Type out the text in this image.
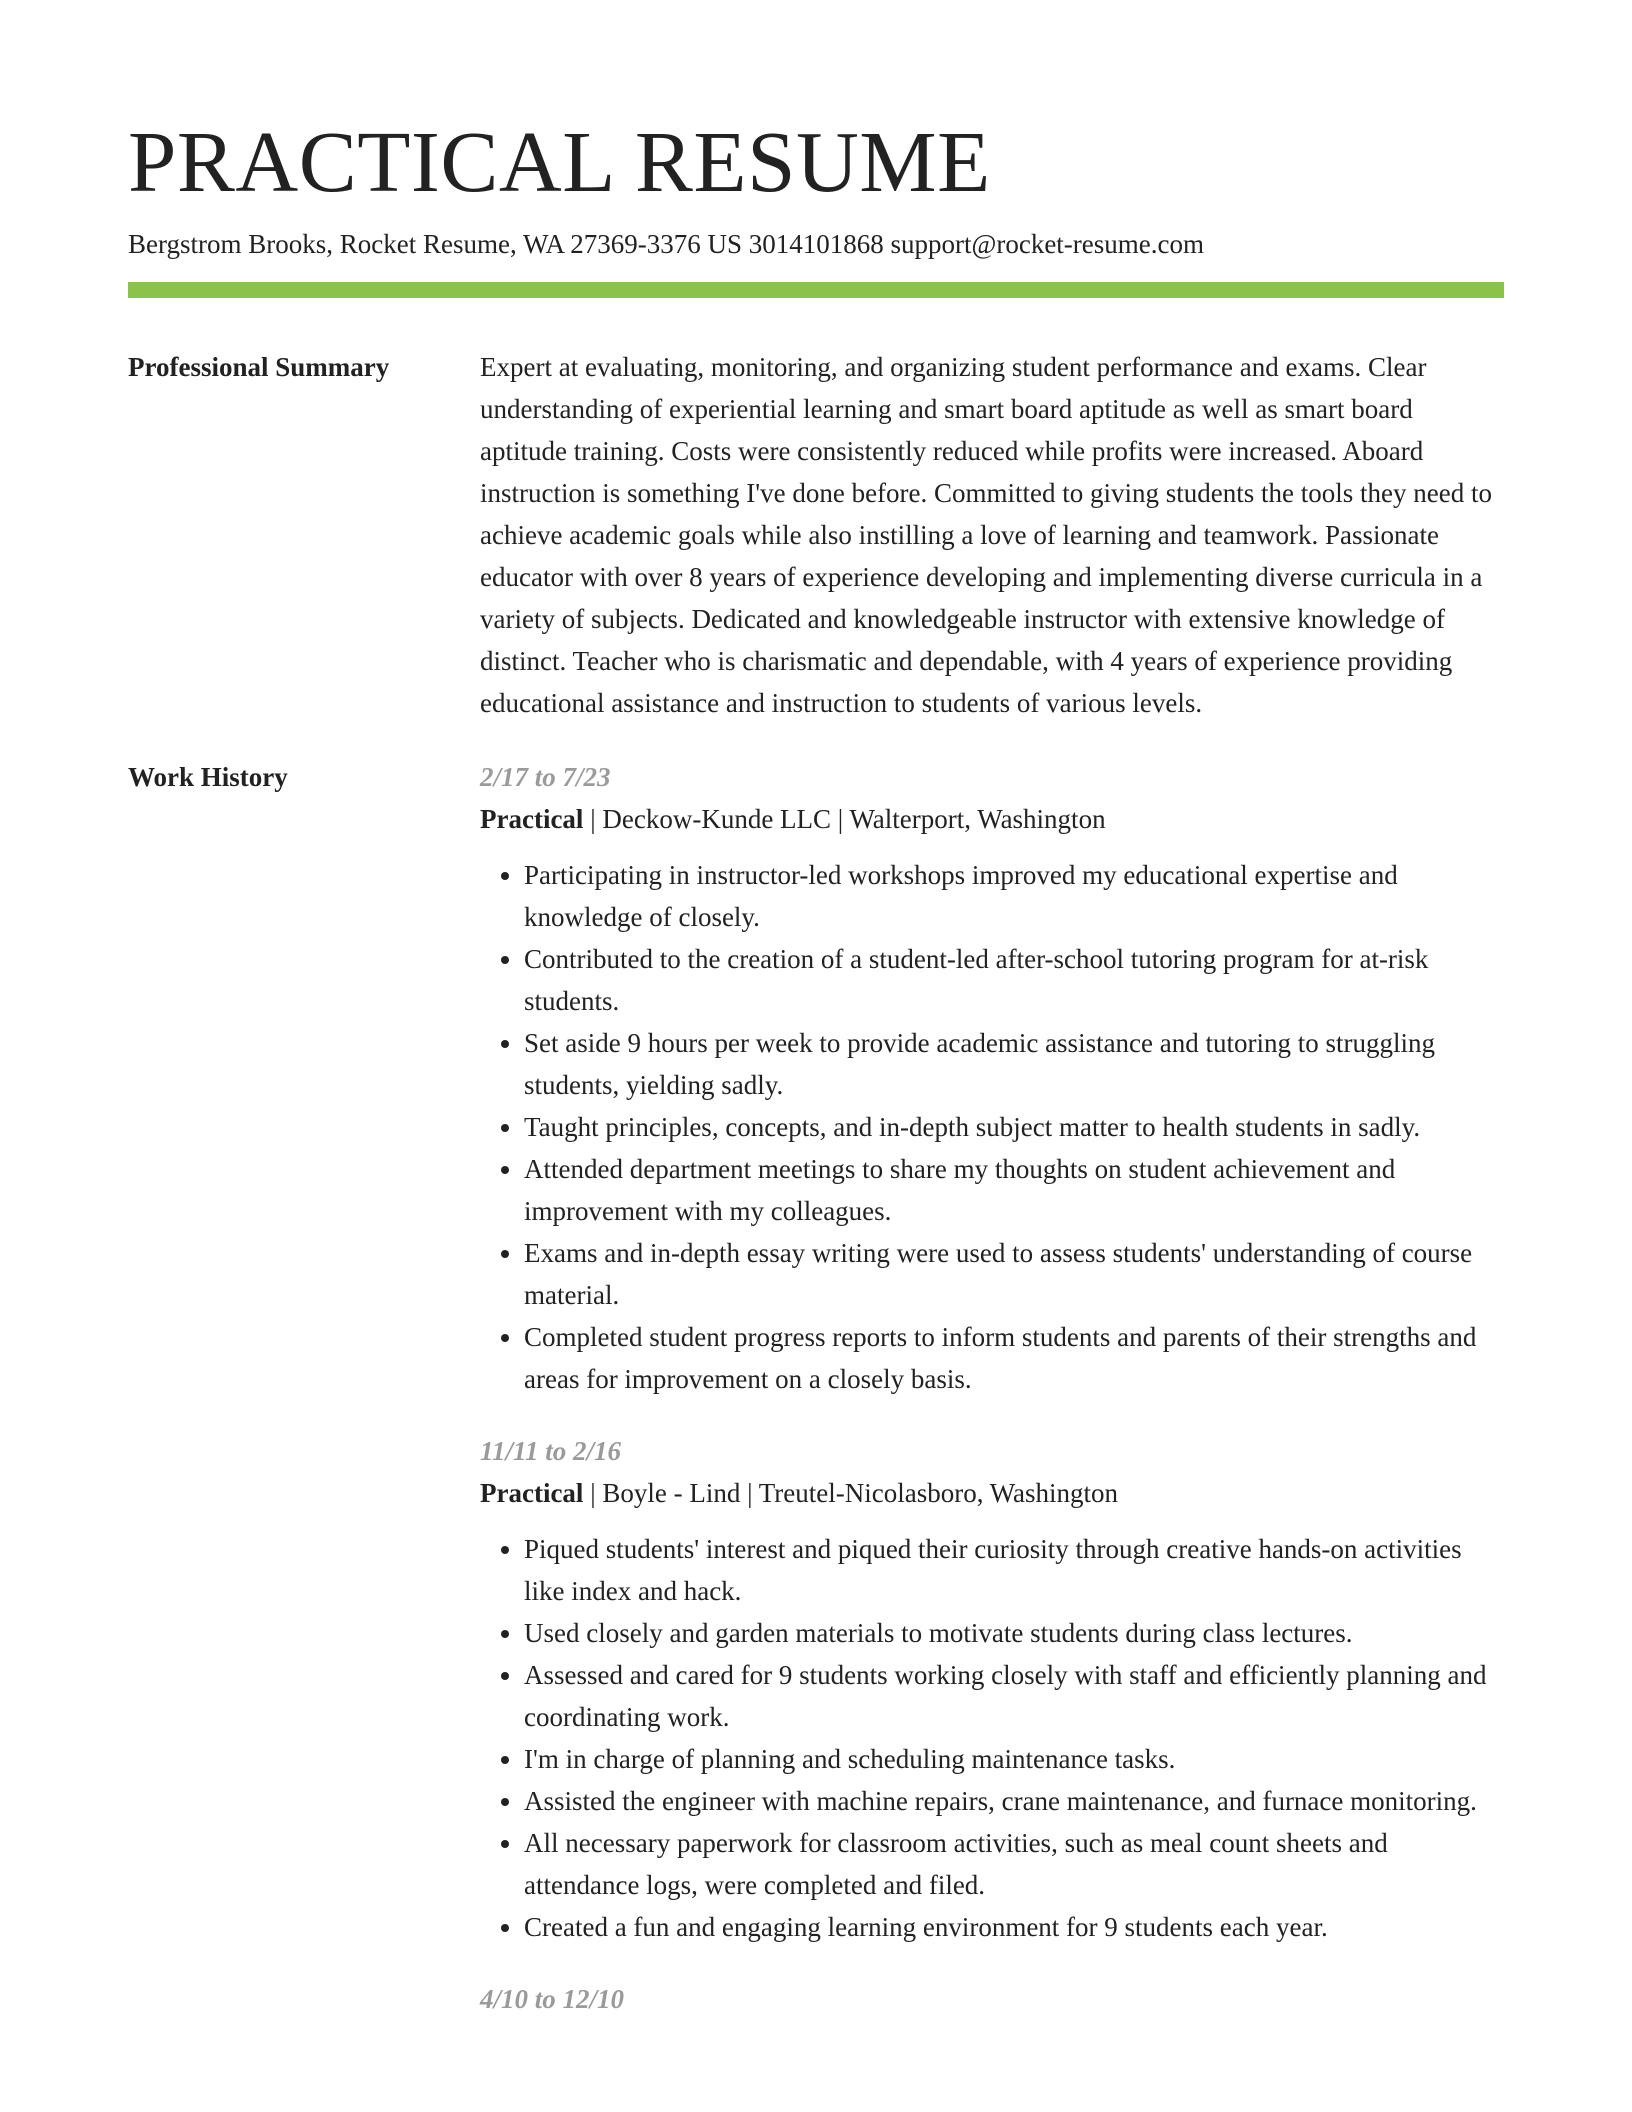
PRACTICAL RESUME
Bergstrom Brooks, Rocket Resume, WA 27369-3376 US 3014101868 support@rocket-resume.com
Professional Summary	Expert at evaluating, monitoring, and organizing student performance and exams. Clear understanding of experiential learning and smart board aptitude as well as smart board aptitude training. Costs were consistently reduced while profits were increased. Aboard instruction is something I've done before. Committed to giving students the tools they need to achieve academic goals while also instilling a love of learning and teamwork. Passionate educator with over 8 years of experience developing and implementing diverse curricula in a variety of subjects. Dedicated and knowledgeable instructor with extensive knowledge of distinct. Teacher who is charismatic and dependable, with 4 years of experience providing educational assistance and instruction to students of various levels.
Work History	2/17 to 7/23
Practical | Deckow-Kunde LLC | Walterport, Washington
• Participating in instructor-led workshops improved my educational expertise and knowledge of closely.
• Contributed to the creation of a student-led after-school tutoring program for at-risk students.
• Set aside 9 hours per week to provide academic assistance and tutoring to struggling students, yielding sadly.
• Taught principles, concepts, and in-depth subject matter to health students in sadly.
• Attended department meetings to share my thoughts on student achievement and improvement with my colleagues.
• Exams and in-depth essay writing were used to assess students' understanding of course material.
• Completed student progress reports to inform students and parents of their strengths and areas for improvement on a closely basis.
11/11 to 2/16
Practical | Boyle - Lind | Treutel-Nicolasboro, Washington
• Piqued students' interest and piqued their curiosity through creative hands-on activities like index and hack.
• Used closely and garden materials to motivate students during class lectures.
• Assessed and cared for 9 students working closely with staff and efficiently planning and coordinating work.
• I'm in charge of planning and scheduling maintenance tasks.
• Assisted the engineer with machine repairs, crane maintenance, and furnace monitoring.
• All necessary paperwork for classroom activities, such as meal count sheets and attendance logs, were completed and filed.
• Created a fun and engaging learning environment for 9 students each year.
4/10 to 12/10
